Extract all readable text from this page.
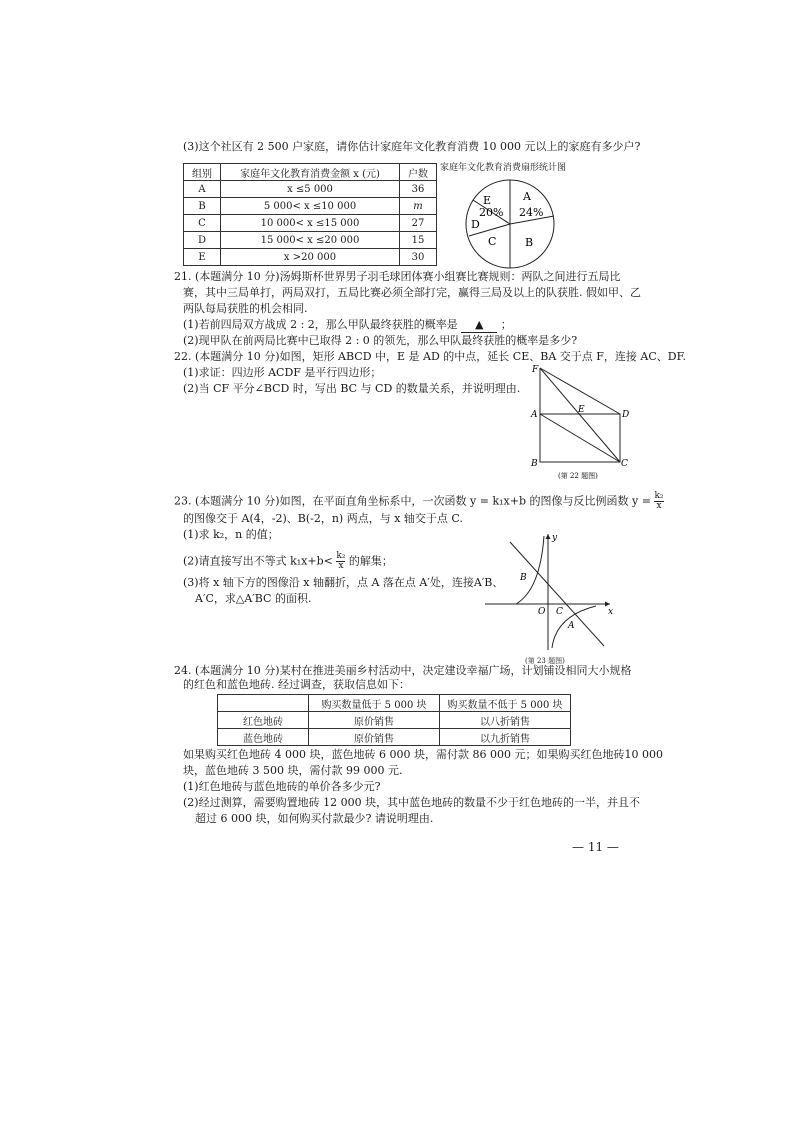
(3)这个社区有 2 500 户家庭，请你估计家庭年文化教育消费 10 000 元以上的家庭有多少户?
组别	家庭年文化教育消费金额 x (元)	户数
A	x ≤5 000	36
B	5 000< x ≤10 000	m
C	10 000< x ≤15 000	27
D	15 000< x ≤20 000	15
E	x >20 000	30
家庭年文化教育消费扇形统计图
A
24%
E
20%
D
C	B
21. (本题满分 10 分)汤姆斯杯世界男子羽毛球团体赛小组赛比赛规则：两队之间进行五局比
赛，其中三局单打，两局双打，五局比赛必须全部打完，赢得三局及以上的队获胜. 假如甲、乙
两队每局获胜的机会相同.
(1)若前四局双方战成 2 : 2，那么甲队最终获胜的概率是 ▲ ；
(2)现甲队在前两局比赛中已取得 2 : 0 的领先，那么甲队最终获胜的概率是多少?
22. (本题满分 10 分)如图，矩形 ABCD 中，E 是 AD 的中点，延长 CE、BA 交于点 F，连接 AC、DF.
(1)求证：四边形 ACDF 是平行四边形；
(2)当 CF 平分∠BCD 时，写出 BC 与 CD 的数量关系，并说明理由.
F
A	E	D
B	C
(第 22 题图)
23. (本题满分 10 分)如图，在平面直角坐标系中，一次函数 y = k₁x+b 的图像与反比例函数 $y = \frac{\text{k₂}}{x}$
的图像交于 A(4，-2)、B(-2，n) 两点，与 x 轴交于点 C.
(1)求 k₂，n 的值；
(2)请直接写出不等式 $k_1x+b< \frac{\text{k₂}}{x}$ 的解集；
(3)将 x 轴下方的图像沿 x 轴翻折，点 A 落在点 A′处，连接A′B、
A′C，求△A′BC 的面积.
y
x
O
B
C
A
(第 23 题图)
24. (本题满分 10 分)某村在推进美丽乡村活动中，决定建设幸福广场，计划铺设相同大小规格
的红色和蓝色地砖. 经过调查，获取信息如下：
	购买数量低于 5 000 块	购买数量不低于 5 000 块
红色地砖	原价销售	以八折销售
蓝色地砖	原价销售	以九折销售
如果购买红色地砖 4 000 块，蓝色地砖 6 000 块，需付款 86 000 元；如果购买红色地砖10 000
块，蓝色地砖 3 500 块，需付款 99 000 元.
(1)红色地砖与蓝色地砖的单价各多少元?
(2)经过测算，需要购置地砖 12 000 块，其中蓝色地砖的数量不少于红色地砖的一半，并且不
超过 6 000 块，如何购买付款最少? 请说明理由.
— 11 —
